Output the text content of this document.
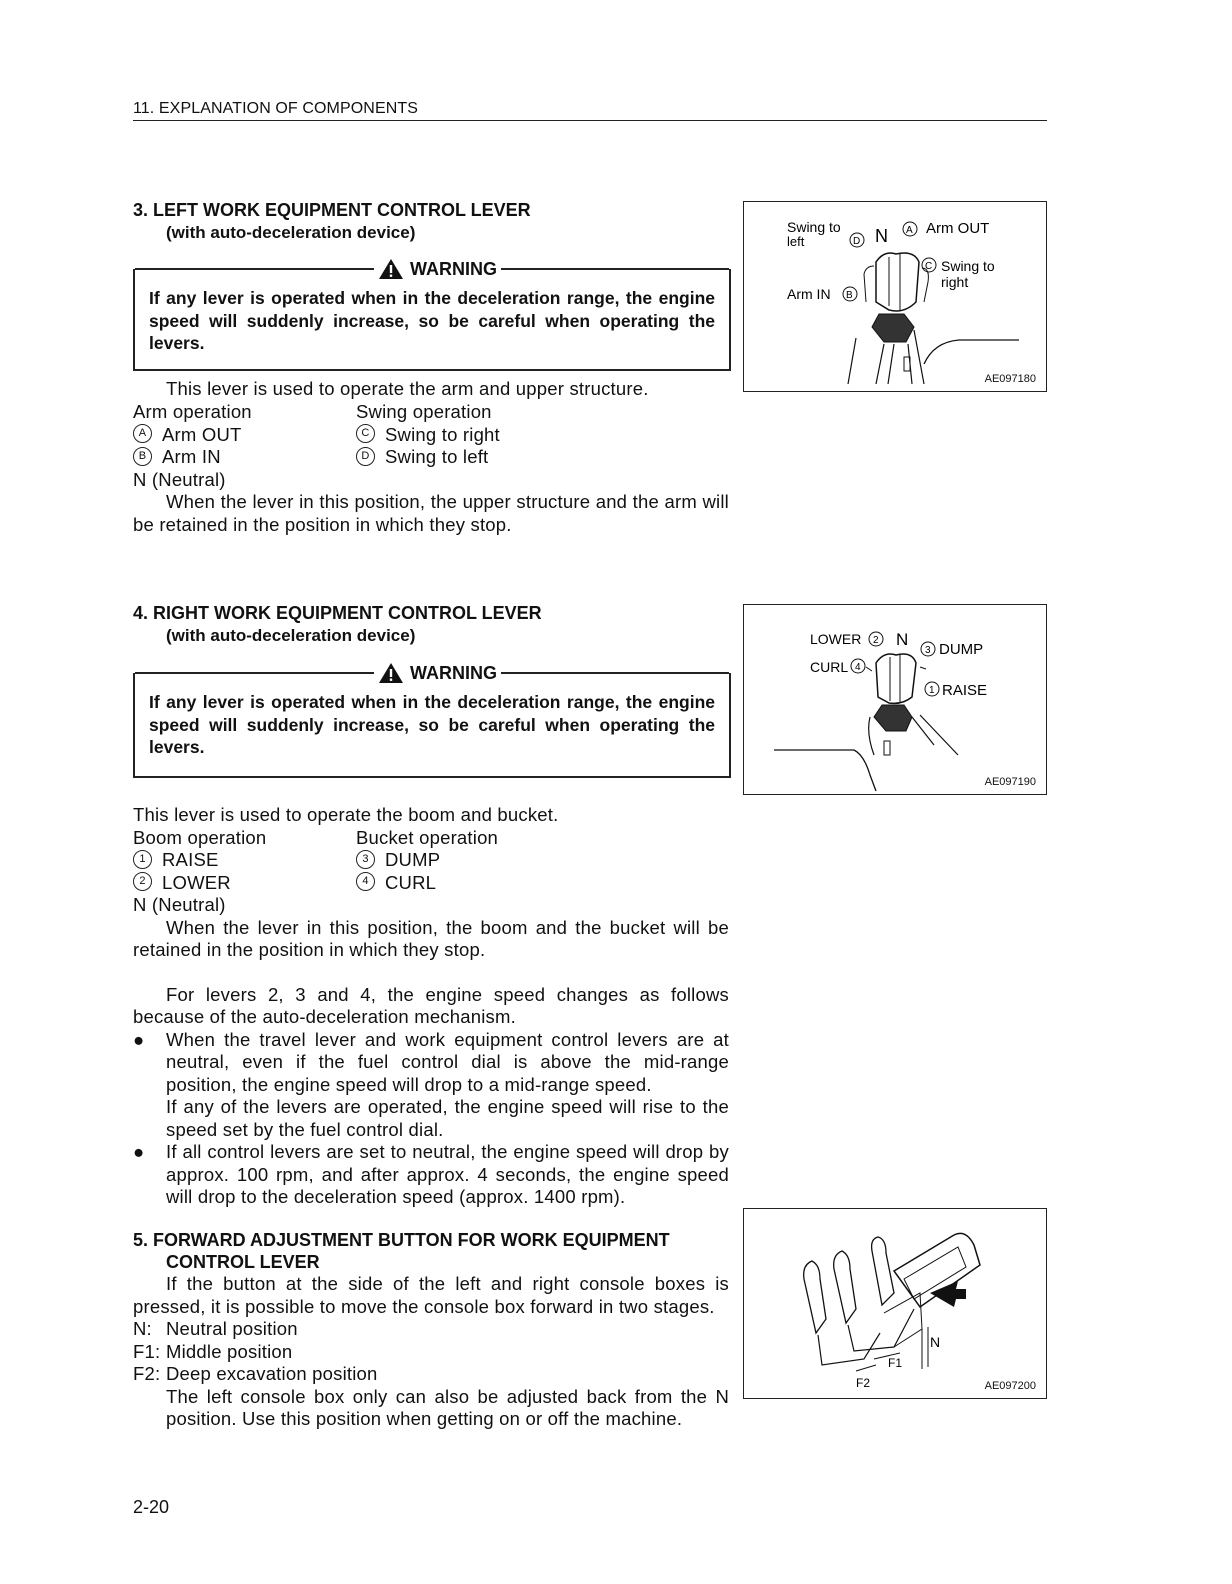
11. EXPLANATION OF COMPONENTS
3. LEFT WORK EQUIPMENT CONTROL LEVER
(with auto-deceleration device)
WARNING
If any lever is operated when in the deceleration range, the engine speed will suddenly increase, so be careful when operating the levers.
This lever is used to operate the arm and upper structure.
Arm operation	Swing operation
A Arm OUT	C Swing to right
B Arm IN	D Swing to left
N (Neutral)
When the lever in this position, the upper structure and the arm will be retained in the position in which they stop.
Swing to
left	D N A Arm OUT
C Swing to
right
Arm IN B
AE097180
4. RIGHT WORK EQUIPMENT CONTROL LEVER
(with auto-deceleration device)
WARNING
If any lever is operated when in the deceleration range, the engine speed will suddenly increase, so be careful when operating the levers.
This lever is used to operate the boom and bucket.
Boom operation	Bucket operation
1 RAISE	3 DUMP
2 LOWER	4 CURL
N (Neutral)
When the lever in this position, the boom and the bucket will be retained in the position in which they stop.
For levers 2, 3 and 4, the engine speed changes as follows because of the auto-deceleration mechanism.
● When the travel lever and work equipment control levers are at neutral, even if the fuel control dial is above the mid-range position, the engine speed will drop to a mid-range speed.
If any of the levers are operated, the engine speed will rise to the speed set by the fuel control dial.
● If all control levers are set to neutral, the engine speed will drop by approx. 100 rpm, and after approx. 4 seconds, the engine speed will drop to the deceleration speed (approx. 1400 rpm).
LOWER 2 N
3 DUMP
CURL 4
1 RAISE
AE097190
5. FORWARD ADJUSTMENT BUTTON FOR WORK EQUIPMENT
CONTROL LEVER
If the button at the side of the left and right console boxes is pressed, it is possible to move the console box forward in two stages.
N: Neutral position
F1: Middle position
F2: Deep excavation position
The left console box only can also be adjusted back from the N position. Use this position when getting on or off the machine.
N
F1
F2	AE097200
2-20
